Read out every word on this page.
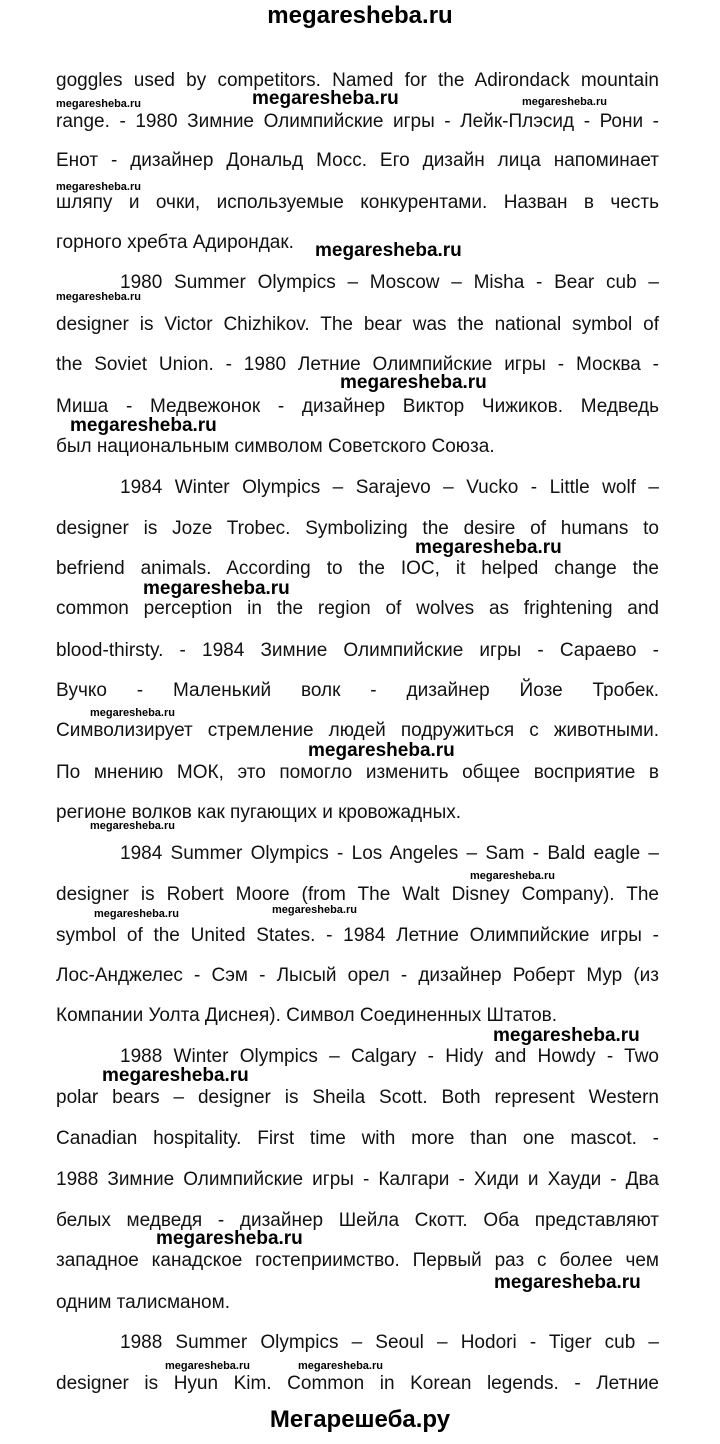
megaresheba.ru
goggles used by competitors. Named for the Adirondack mountain
range. - 1980 Зимние Олимпийские игры - Лейк-Плэсид - Рони -
Енот - дизайнер Дональд Мосс. Его дизайн лица напоминает
шляпу и очки, используемые конкурентами. Назван в честь
горного хребта Адирондак.
1980 Summer Olympics – Moscow – Misha - Bear cub –
designer is Victor Chizhikov. The bear was the national symbol of
the Soviet Union. - 1980 Летние Олимпийские игры - Москва -
Миша - Медвежонок - дизайнер Виктор Чижиков. Медведь
был национальным символом Советского Союза.
1984 Winter Olympics – Sarajevo – Vucko - Little wolf –
designer is Joze Trobec. Symbolizing the desire of humans to
befriend animals. According to the IOC, it helped change the
common perception in the region of wolves as frightening and
blood-thirsty. - 1984 Зимние Олимпийские игры - Сараево -
Вучко - Маленький волк - дизайнер Йозе Тробек.
Символизирует стремление людей подружиться с животными.
По мнению МОК, это помогло изменить общее восприятие в
регионе волков как пугающих и кровожадных.
1984 Summer Olympics - Los Angeles – Sam - Bald eagle –
designer is Robert Moore (from The Walt Disney Company). The
symbol of the United States. - 1984 Летние Олимпийские игры -
Лос-Анджелес - Сэм - Лысый орел - дизайнер Роберт Мур (из
Компании Уолта Диснея). Символ Соединенных Штатов.
1988 Winter Olympics – Calgary - Hidy and Howdy - Two
polar bears – designer is Sheila Scott. Both represent Western
Canadian hospitality. First time with more than one mascot. -
1988 Зимние Олимпийские игры - Калгари - Хиди и Хауди - Два
белых медведя - дизайнер Шейла Скотт. Оба представляют
западное канадское гостеприимство. Первый раз с более чем
одним талисманом.
1988 Summer Olympics – Seoul – Hodori - Tiger cub –
designer is Hyun Kim. Common in Korean legends. - Летние
megaresheba.ru	megaresheba.ru	megaresheba.ru
megaresheba.ru
megaresheba.ru
megaresheba.ru
megaresheba.ru
megaresheba.ru
megaresheba.ru
megaresheba.ru
megaresheba.ru
megaresheba.ru
megaresheba.ru
megaresheba.ru
megaresheba.ru	megaresheba.ru
megaresheba.ru
megaresheba.ru
megaresheba.ru
megaresheba.ru
megaresheba.ru	megaresheba.ru
Мегарешеба.ру
